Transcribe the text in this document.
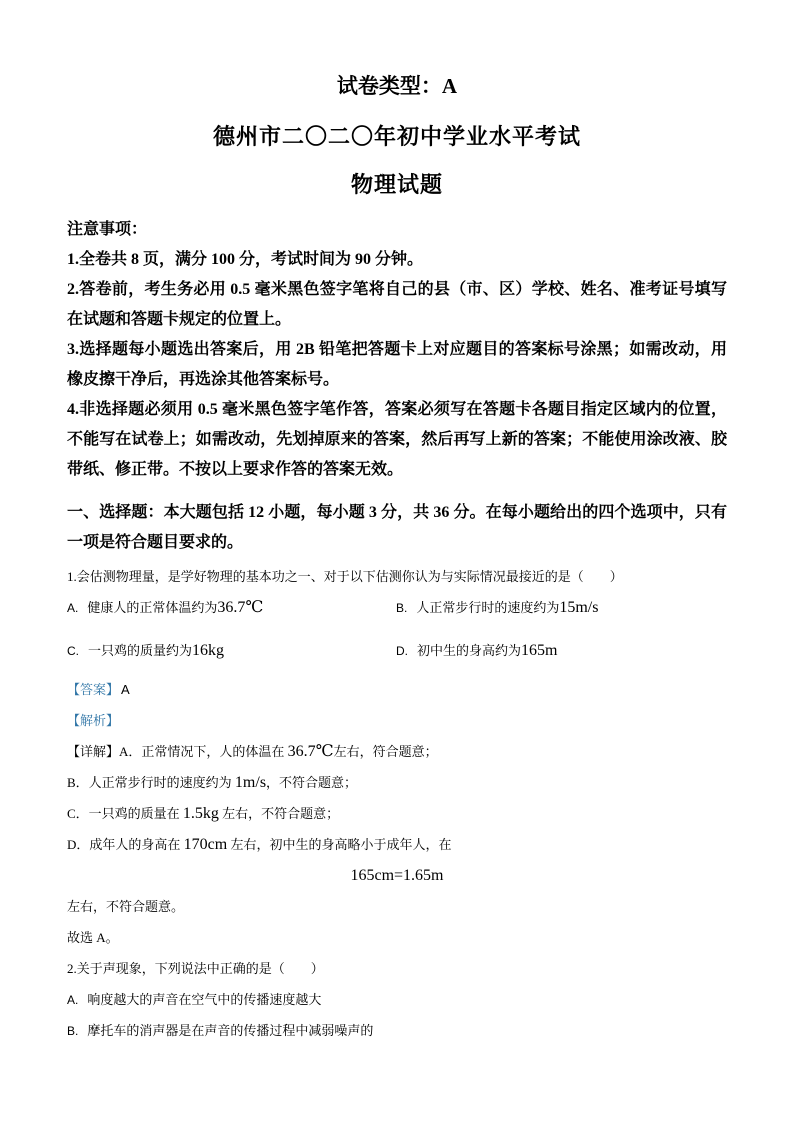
试卷类型：A

德州市二〇二〇年初中学业水平考试

物理试题

注意事项：

1.全卷共 8 页，满分 100 分，考试时间为 90 分钟。

2.答卷前，考生务必用 0.5 毫米黑色签字笔将自己的县（市、区）学校、姓名、准考证号填写在试题和答题卡规定的位置上。

3.选择题每小题选出答案后，用 2B 铅笔把答题卡上对应题目的答案标号涂黑；如需改动，用橡皮擦干净后，再选涂其他答案标号。

4.非选择题必须用 0.5 毫米黑色签字笔作答，答案必须写在答题卡各题目指定区域内的位置，不能写在试卷上；如需改动，先划掉原来的答案，然后再写上新的答案；不能使用涂改液、胶带纸、修正带。不按以上要求作答的答案无效。

一、选择题：本大题包括 12 小题，每小题 3 分，共 36 分。在每小题给出的四个选项中，只有一项是符合题目要求的。

1.会估测物理量，是学好物理的基本功之一、对于以下估测你认为与实际情况最接近的是（　　）

A. 健康人的正常体温约为36.7℃	B. 人正常步行时的速度约为15m/s

C. 一只鸡的质量约为16kg	D. 初中生的身高约为165m

【答案】 A

【解析】

【详解】A．正常情况下，人的体温在 36.7℃左右，符合题意；

B．人正常步行时的速度约为 1m/s，不符合题意；

C．一只鸡的质量在 1.5kg 左右，不符合题意；

D．成年人的身高在 170cm 左右，初中生的身高略小于成年人，在

165cm=1.65m

左右，不符合题意。

故选 A。

2.关于声现象，下列说法中正确的是（　　）

A. 响度越大的声音在空气中的传播速度越大

B. 摩托车的消声器是在声音的传播过程中减弱噪声的
